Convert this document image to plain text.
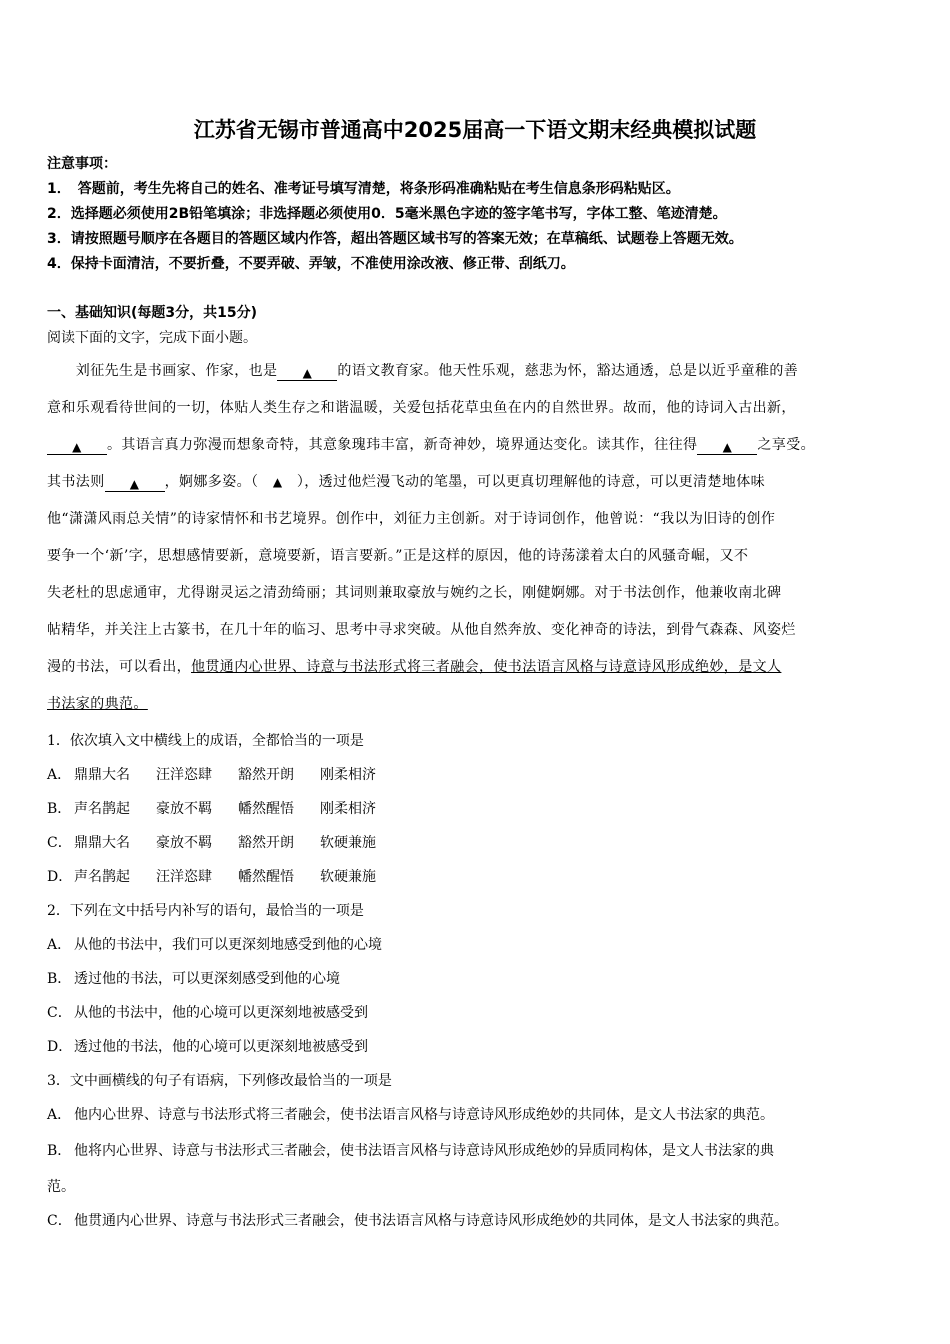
江苏省无锡市普通高中2025届高一下语文期末经典模拟试题
注意事项：
1．　答题前，考生先将自己的姓名、准考证号填写清楚，将条形码准确粘贴在考生信息条形码粘贴区。
2．选择题必须使用2B铅笔填涂；非选择题必须使用0．5毫米黑色字迹的签字笔书写，字体工整、笔迹清楚。
3．请按照题号顺序在各题目的答题区域内作答，超出答题区域书写的答案无效；在草稿纸、试题卷上答题无效。
4．保持卡面清洁，不要折叠，不要弄破、弄皱，不准使用涂改液、修正带、刮纸刀。
一、基础知识(每题3分，共15分)
阅读下面的文字，完成下面小题。
　　刘征先生是书画家、作家，也是 ▲ 的语文教育家。他天性乐观，慈悲为怀，豁达通透，总是以近乎童稚的善
意和乐观看待世间的一切，体贴人类生存之和谐温暖，关爱包括花草虫鱼在内的自然世界。故而，他的诗词入古出新，
▲ 。其语言真力弥漫而想象奇特，其意象瑰玮丰富，新奇神妙，境界通达变化。读其作，往往得 ▲ 之享受。
其书法则 ▲ ，婀娜多姿。（　▲　），透过他烂漫飞动的笔墨，可以更真切理解他的诗意，可以更清楚地体味
他“潇潇风雨总关情”的诗家情怀和书艺境界。创作中，刘征力主创新。对于诗词创作，他曾说：“我以为旧诗的创作
要争一个‘新’字，思想感情要新，意境要新，语言要新。”正是这样的原因，他的诗荡漾着太白的风骚奇崛，又不
失老杜的思虑通审，尤得谢灵运之清劲绮丽；其词则兼取豪放与婉约之长，刚健婀娜。对于书法创作，他兼收南北碑
帖精华，并关注上古篆书，在几十年的临习、思考中寻求突破。从他自然奔放、变化神奇的诗法，到骨气森森、风姿烂
漫的书法，可以看出，他贯通内心世界、诗意与书法形式将三者融会，使书法语言风格与诗意诗风形成绝妙，是文人
书法家的典范。
1．依次填入文中横线上的成语，全都恰当的一项是
A． 鼎鼎大名 汪洋恣肆 豁然开朗 刚柔相济
B． 声名鹊起 豪放不羁 幡然醒悟 刚柔相济
C． 鼎鼎大名 豪放不羁 豁然开朗 软硬兼施
D． 声名鹊起 汪洋恣肆 幡然醒悟 软硬兼施
2．下列在文中括号内补写的语句，最恰当的一项是
A． 从他的书法中，我们可以更深刻地感受到他的心境
B． 透过他的书法，可以更深刻感受到他的心境
C． 从他的书法中，他的心境可以更深刻地被感受到
D． 透过他的书法，他的心境可以更深刻地被感受到
3．文中画横线的句子有语病，下列修改最恰当的一项是
A． 他内心世界、诗意与书法形式将三者融会，使书法语言风格与诗意诗风形成绝妙的共同体，是文人书法家的典范。
B． 他将内心世界、诗意与书法形式三者融会，使书法语言风格与诗意诗风形成绝妙的异质同构体，是文人书法家的典
范。
C． 他贯通内心世界、诗意与书法形式三者融会，使书法语言风格与诗意诗风形成绝妙的共同体，是文人书法家的典范。
